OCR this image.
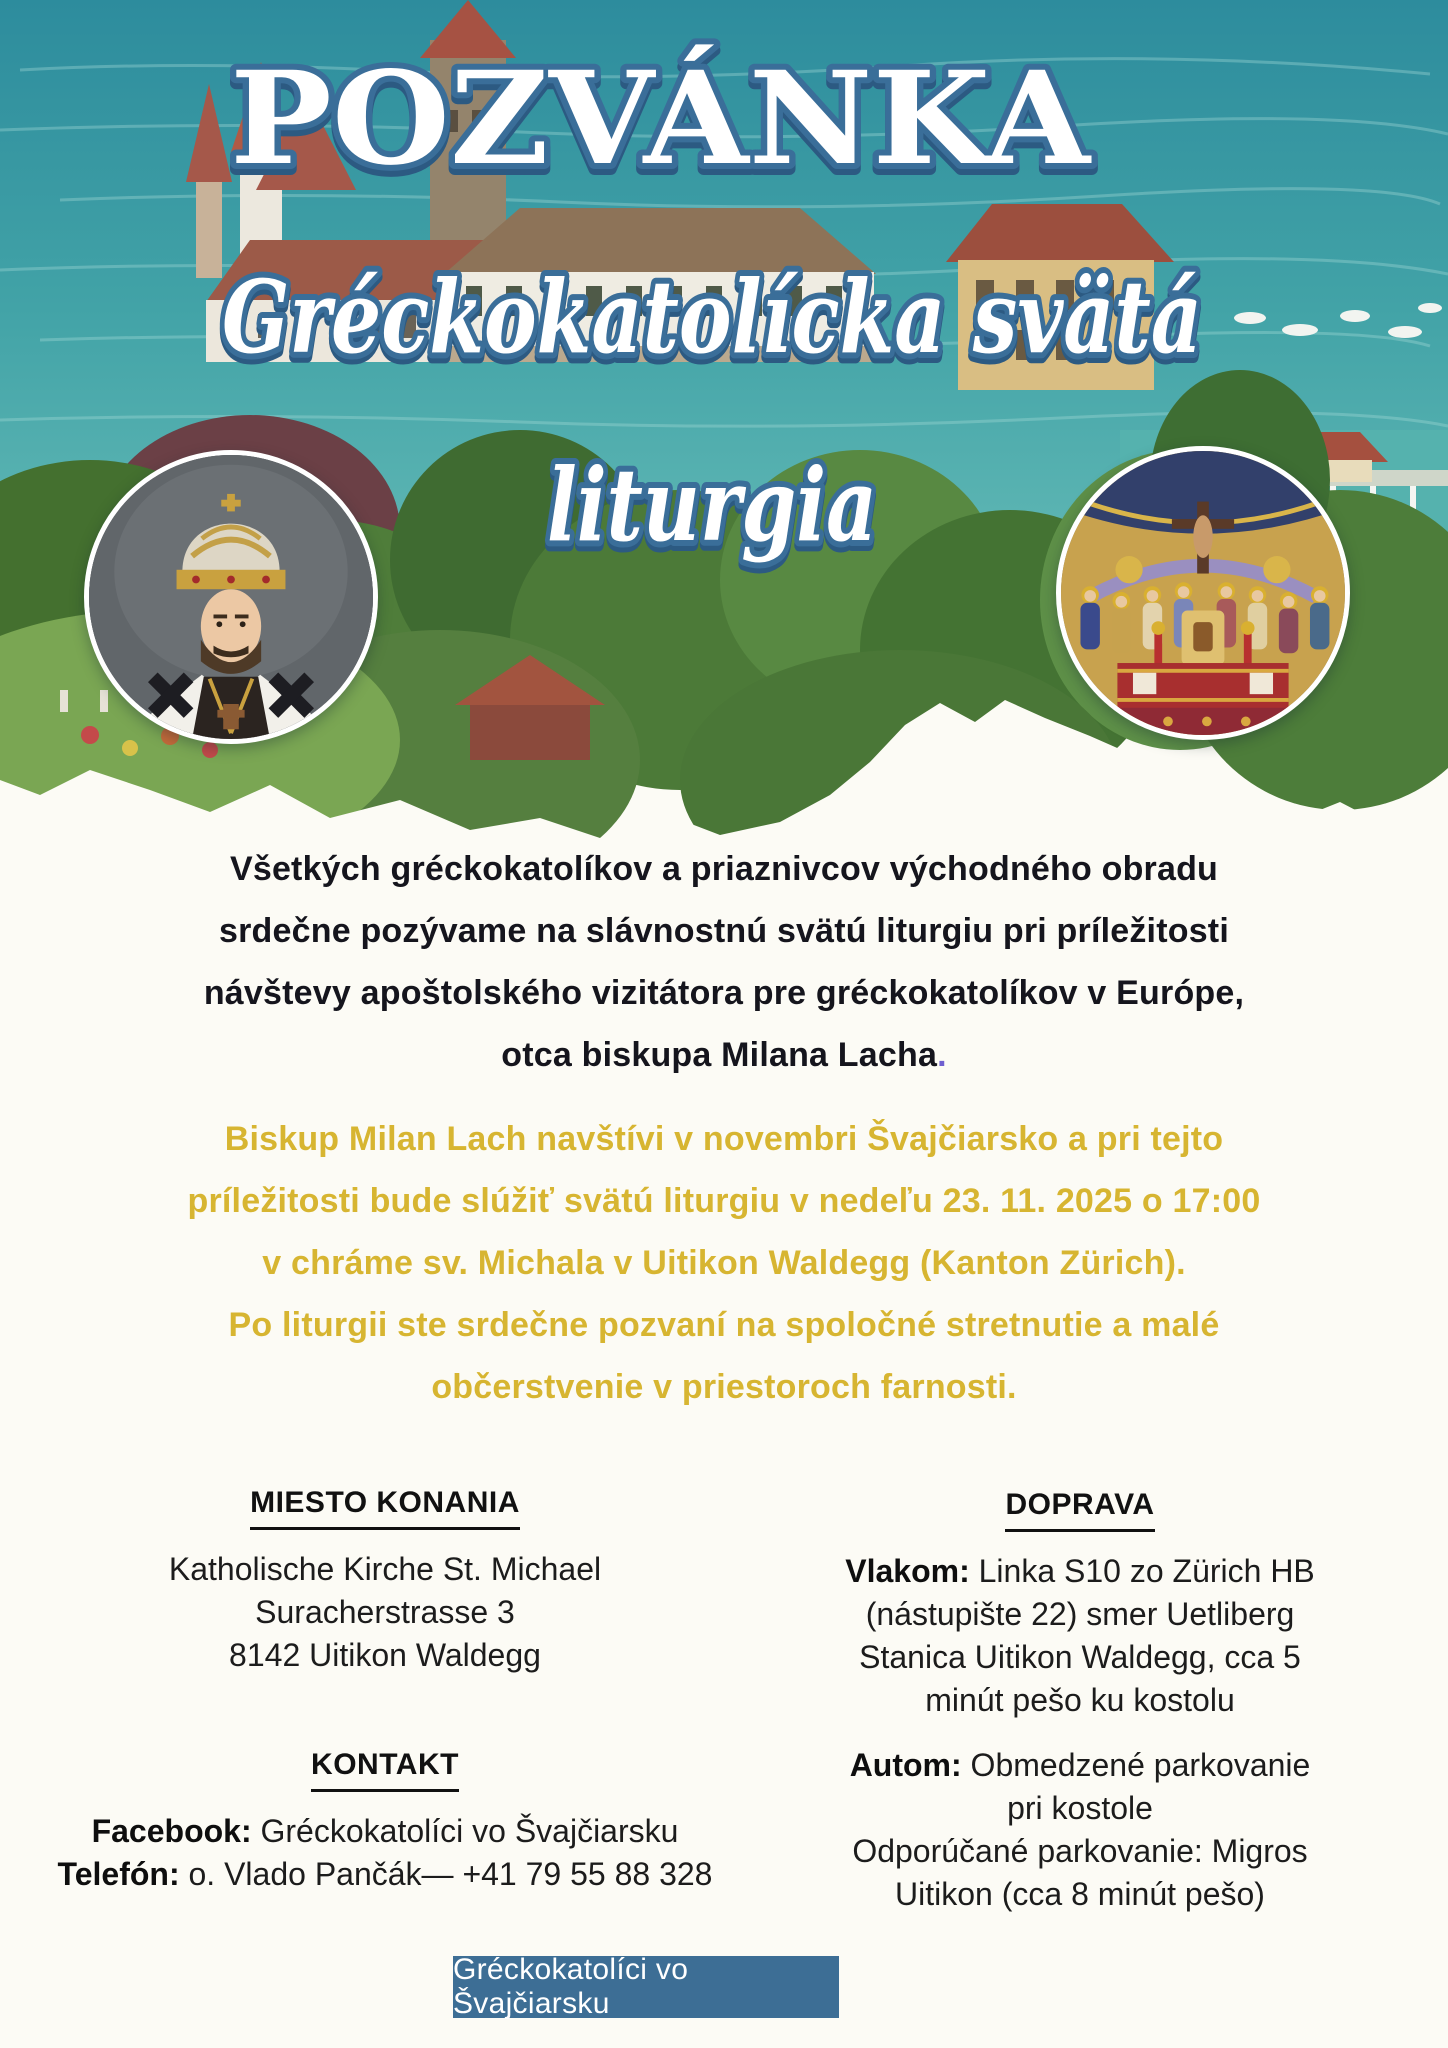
POZVÁNKA
Gréckokatolícka svätá
liturgia
Všetkých gréckokatolíkov a priaznivcov východného obradu
srdečne pozývame na slávnostnú svätú liturgiu pri príležitosti
návštevy apoštolského vizitátora pre gréckokatolíkov v Európe,
otca biskupa Milana Lacha.
Biskup Milan Lach navštívi v novembri Švajčiarsko a pri tejto
príležitosti bude slúžiť svätú liturgiu v nedeľu 23. 11. 2025 o 17:00
v chráme sv. Michala v Uitikon Waldegg (Kanton Zürich).
Po liturgii ste srdečne pozvaní na spoločné stretnutie a malé
občerstvenie v priestoroch farnosti.
MIESTO KONANIA
Katholische Kirche St. Michael
Suracherstrasse 3
8142 Uitikon Waldegg
DOPRAVA
Vlakom: Linka S10 zo Zürich HB
(nástupište 22) smer Uetliberg
Stanica Uitikon Waldegg, cca 5
minút pešo ku kostolu
Autom: Obmedzené parkovanie
pri kostole
Odporúčané parkovanie: Migros
Uitikon (cca 8 minút pešo)
KONTAKT
Facebook: Gréckokatolíci vo Švajčiarsku
Telefón: o. Vlado Pančák— +41 79 55 88 328
Gréckokatolíci vo Švajčiarsku
